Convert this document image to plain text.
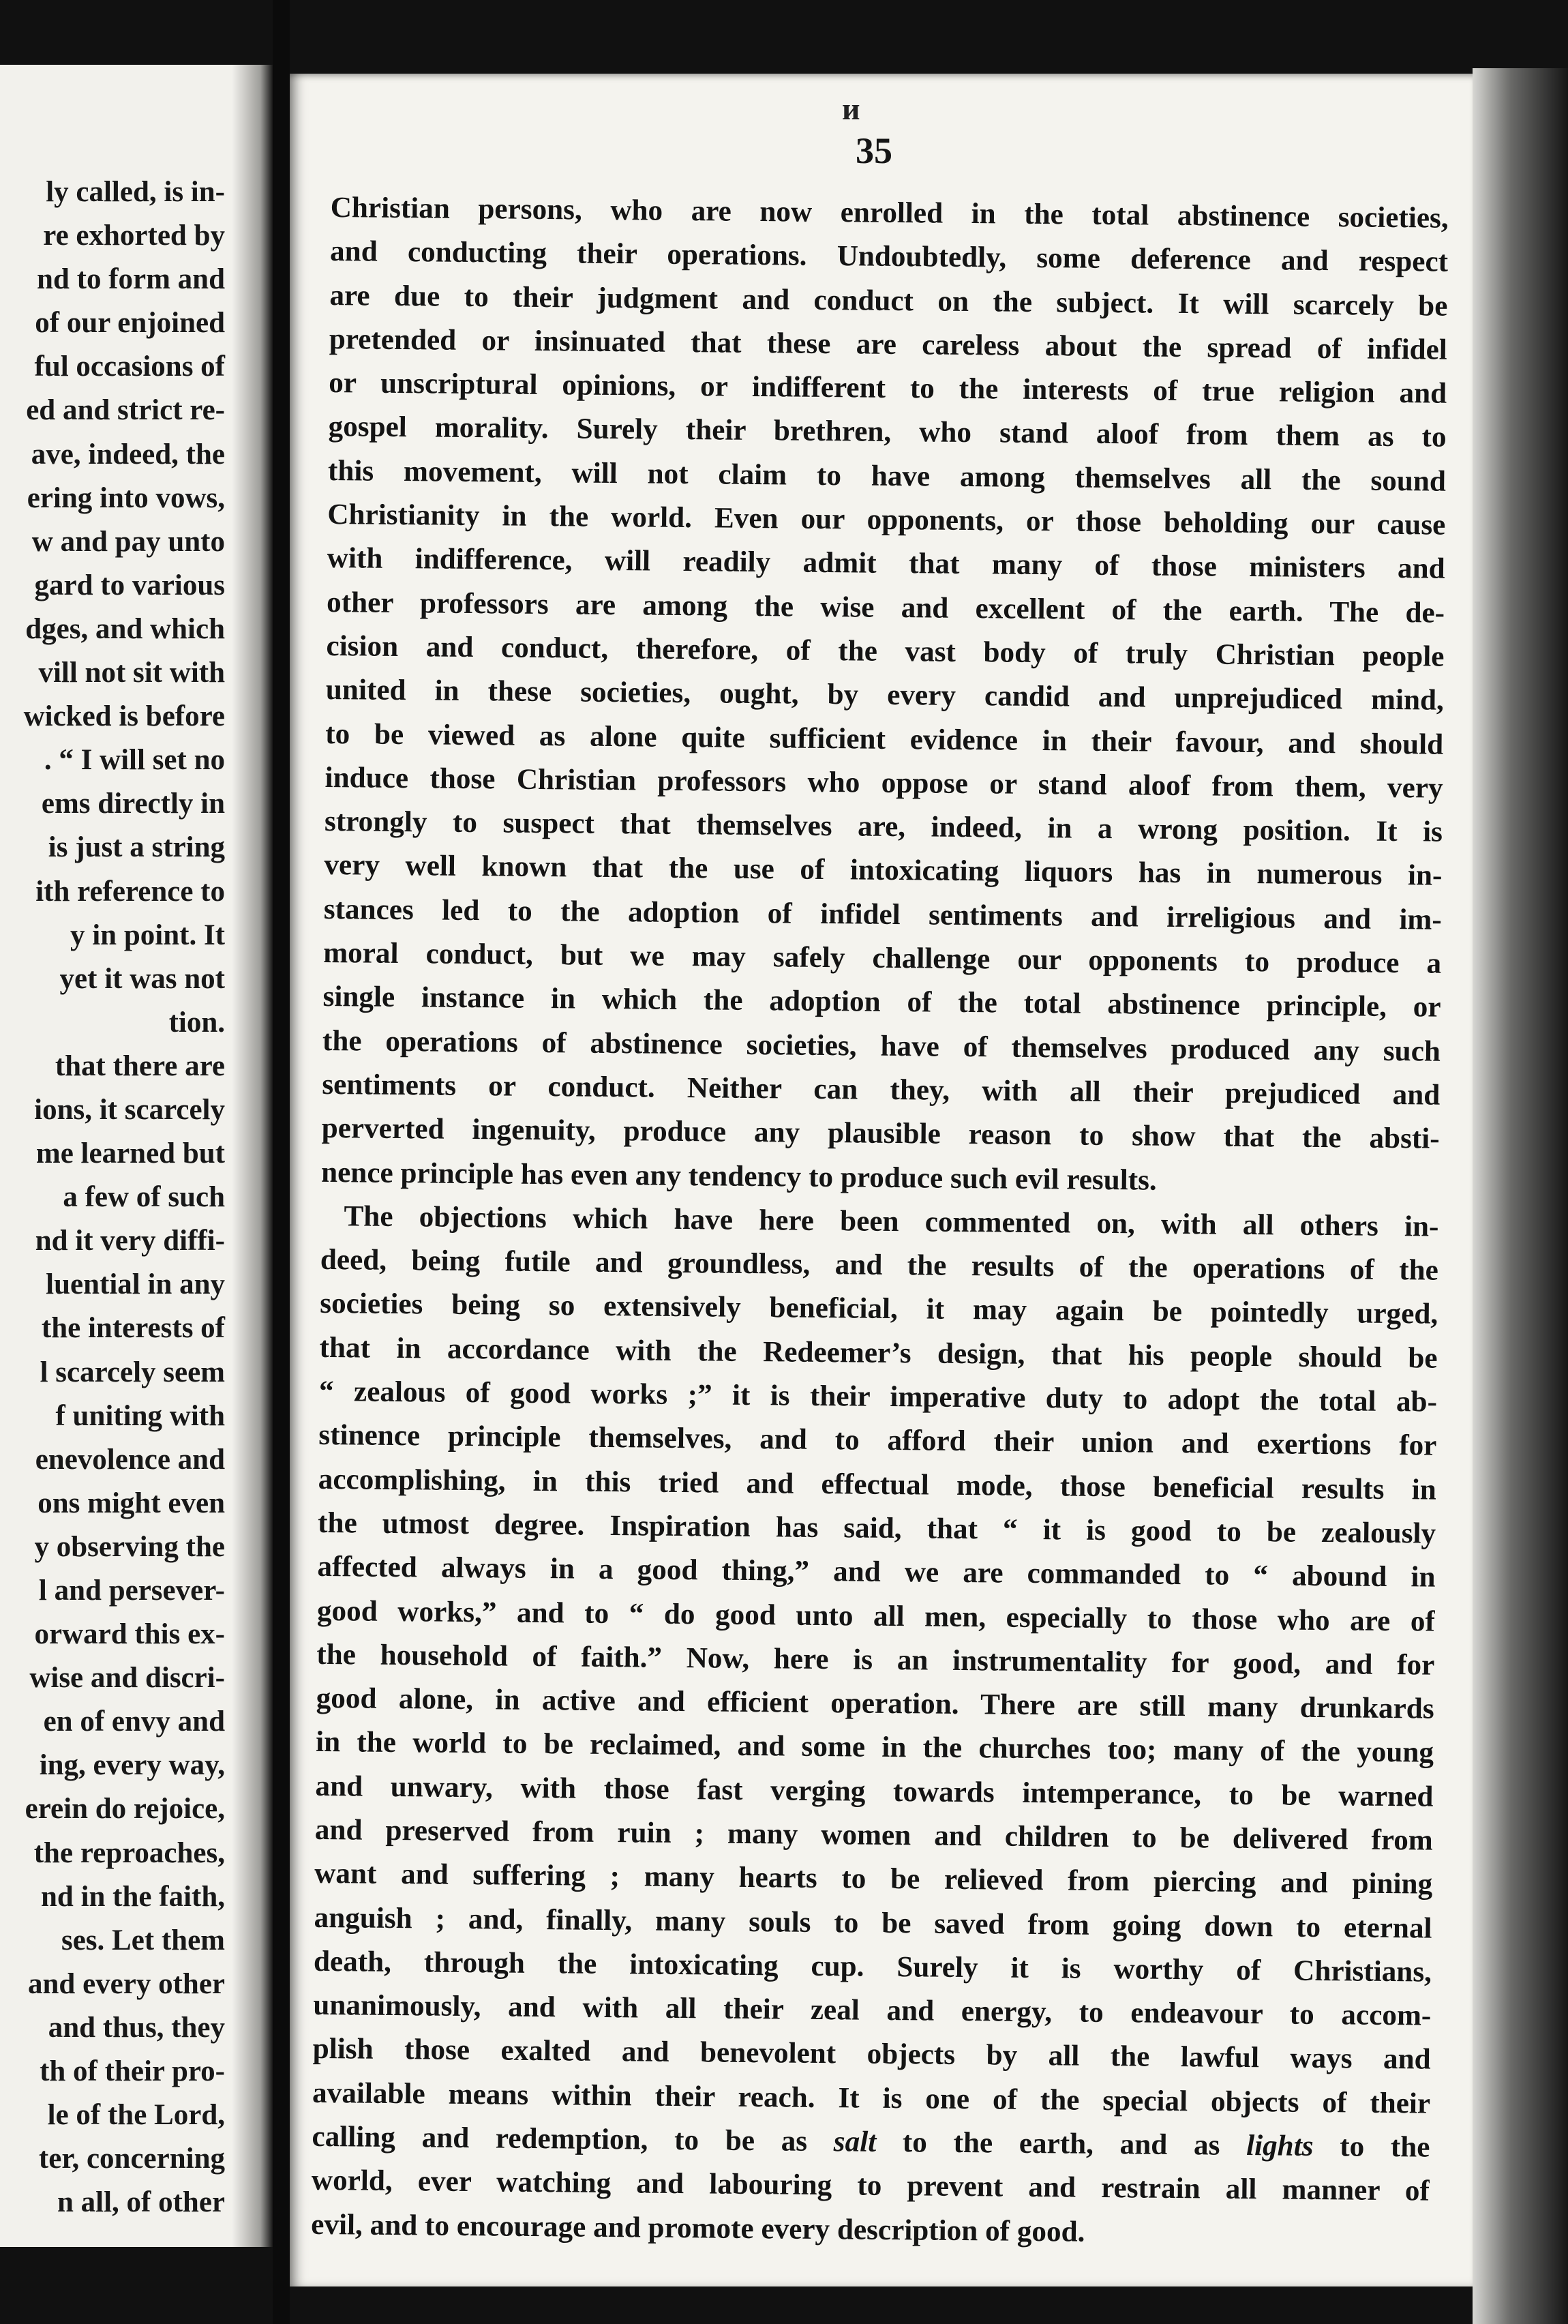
ly called, is in-
re exhorted by
nd to form and
of our enjoined
ful occasions of
ed and strict re-
ave, indeed, the
ering into vows,
w and pay unto
gard to various
dges, and which
vill not sit with
wicked is before
. “ I will set no
ems directly in
is just a string
ith reference to
y in point. It
yet it was not
tion.
that there are
ions, it scarcely
me learned but
a few of such
nd it very diffi-
luential in any
the interests of
l scarcely seem
f uniting with
enevolence and
ons might even
y observing the
l and persever-
orward this ex-
wise and discri-
en of envy and
ing, every way,
erein do rejoice,
the reproaches,
nd in the faith,
ses. Let them
and every other
and thus, they
th of their pro-
le of the Lord,
ter, concerning
n all, of other
ᴎ
35
Christian persons, who are now enrolled in the total abstinence societies,
and conducting their operations. Undoubtedly, some deference and respect
are due to their judgment and conduct on the subject. It will scarcely be
pretended or insinuated that these are careless about the spread of infidel
or unscriptural opinions, or indifferent to the interests of true religion and
gospel morality. Surely their brethren, who stand aloof from them as to
this movement, will not claim to have among themselves all the sound
Christianity in the world. Even our opponents, or those beholding our cause
with indifference, will readily admit that many of those ministers and
other professors are among the wise and excellent of the earth. The de-
cision and conduct, therefore, of the vast body of truly Christian people
united in these societies, ought, by every candid and unprejudiced mind,
to be viewed as alone quite sufficient evidence in their favour, and should
induce those Christian professors who oppose or stand aloof from them, very
strongly to suspect that themselves are, indeed, in a wrong position. It is
very well known that the use of intoxicating liquors has in numerous in-
stances led to the adoption of infidel sentiments and irreligious and im-
moral conduct, but we may safely challenge our opponents to produce a
single instance in which the adoption of the total abstinence principle, or
the operations of abstinence societies, have of themselves produced any such
sentiments or conduct. Neither can they, with all their prejudiced and
perverted ingenuity, produce any plausible reason to show that the absti-
nence principle has even any tendency to produce such evil results.
The objections which have here been commented on, with all others in-
deed, being futile and groundless, and the results of the operations of the
societies being so extensively beneficial, it may again be pointedly urged,
that in accordance with the Redeemer’s design, that his people should be
“ zealous of good works ;” it is their imperative duty to adopt the total ab-
stinence principle themselves, and to afford their union and exertions for
accomplishing, in this tried and effectual mode, those beneficial results in
the utmost degree. Inspiration has said, that “ it is good to be zealously
affected always in a good thing,” and we are commanded to “ abound in
good works,” and to “ do good unto all men, especially to those who are of
the household of faith.” Now, here is an instrumentality for good, and for
good alone, in active and efficient operation. There are still many drunkards
in the world to be reclaimed, and some in the churches too; many of the young
and unwary, with those fast verging towards intemperance, to be warned
and preserved from ruin ; many women and children to be delivered from
want and suffering ; many hearts to be relieved from piercing and pining
anguish ; and, finally, many souls to be saved from going down to eternal
death, through the intoxicating cup. Surely it is worthy of Christians,
unanimously, and with all their zeal and energy, to endeavour to accom-
plish those exalted and benevolent objects by all the lawful ways and
available means within their reach. It is one of the special objects of their
calling and redemption, to be as salt to the earth, and as lights to the
world, ever watching and labouring to prevent and restrain all manner of
evil, and to encourage and promote every description of good.
